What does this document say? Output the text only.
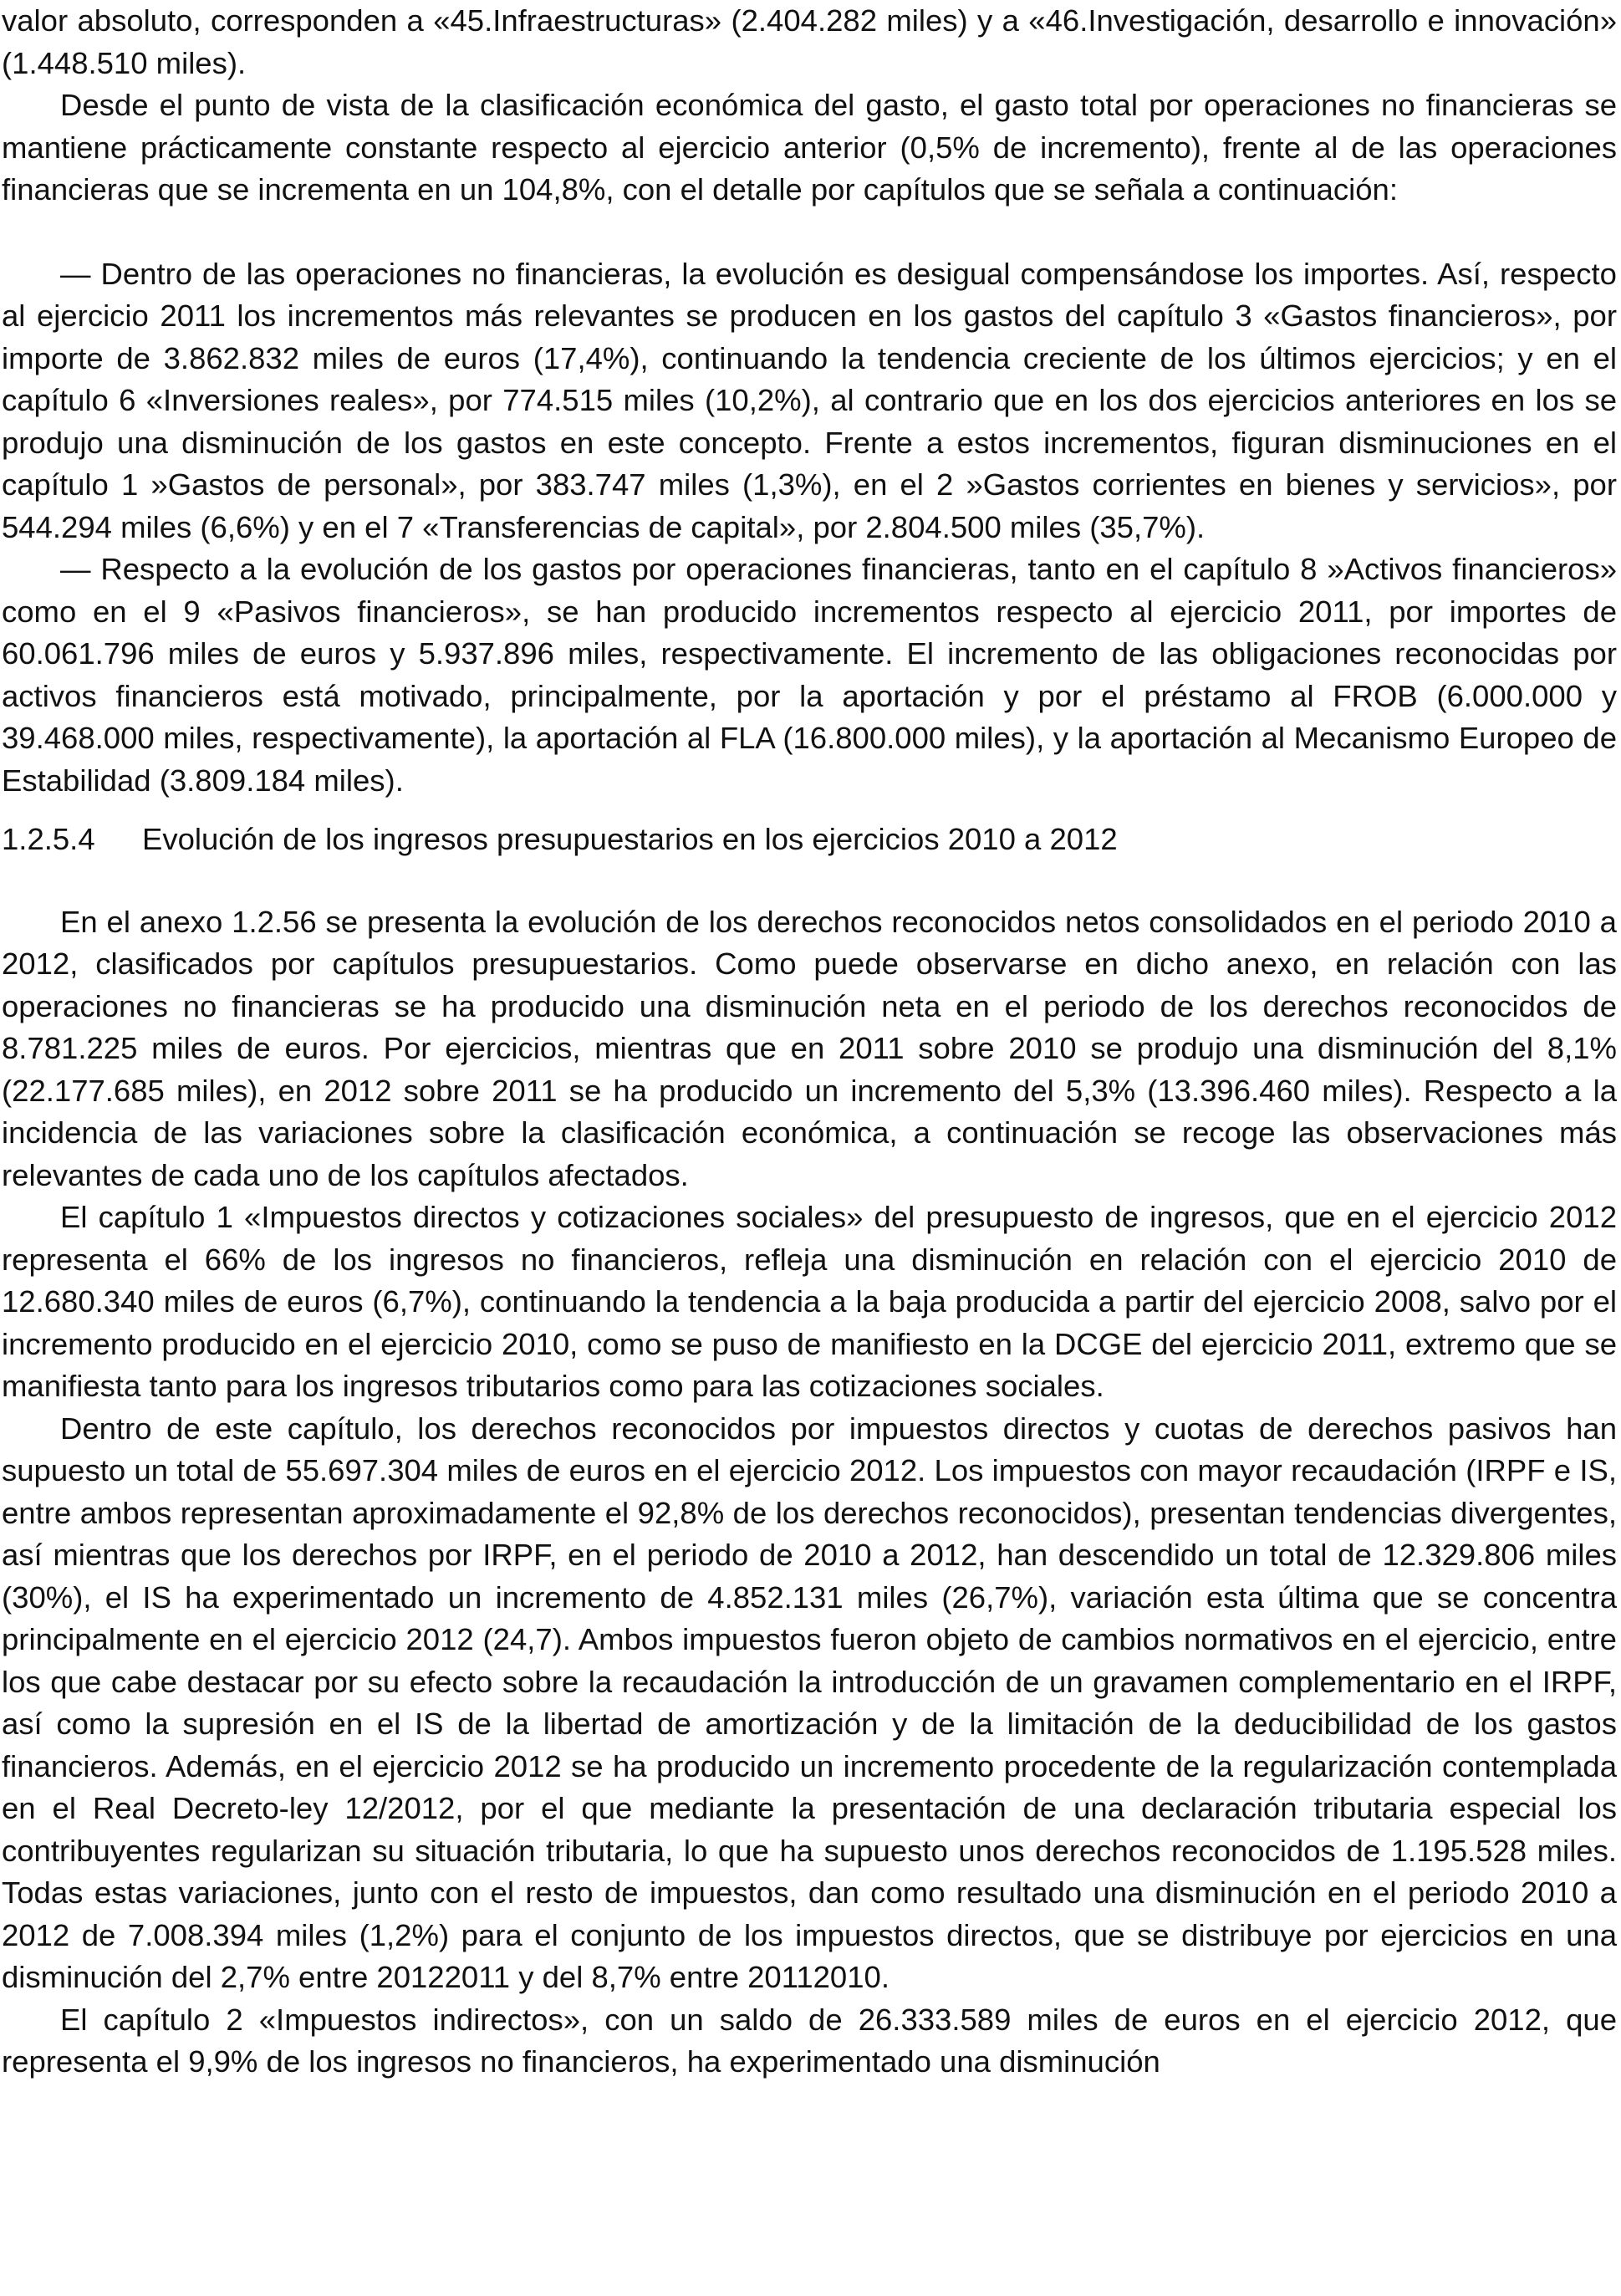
valor absoluto, corresponden a «45.Infraestructuras» (2.404.282 miles) y a «46.Investigación, desarrollo e innovación» (1.448.510 miles).

Desde el punto de vista de la clasificación económica del gasto, el gasto total por operaciones no financieras se mantiene prácticamente constante respecto al ejercicio anterior (0,5% de incremento), frente al de las operaciones financieras que se incrementa en un 104,8%, con el detalle por capítulos que se señala a continuación:

— Dentro de las operaciones no financieras, la evolución es desigual compensándose los importes. Así, respecto al ejercicio 2011 los incrementos más relevantes se producen en los gastos del capítulo 3 «Gastos financieros», por importe de 3.862.832 miles de euros (17,4%), continuando la tendencia creciente de los últimos ejercicios; y en el capítulo 6 «Inversiones reales», por 774.515 miles (10,2%), al contrario que en los dos ejercicios anteriores en los se produjo una disminución de los gastos en este concepto. Frente a estos incrementos, figuran disminuciones en el capítulo 1 »Gastos de personal», por 383.747 miles (1,3%), en el 2 »Gastos corrientes en bienes y servicios», por 544.294 miles (6,6%) y en el 7 «Transferencias de capital», por 2.804.500 miles (35,7%).

— Respecto a la evolución de los gastos por operaciones financieras, tanto en el capítulo 8 »Activos financieros» como en el 9 «Pasivos financieros», se han producido incrementos respecto al ejercicio 2011, por importes de 60.061.796 miles de euros y 5.937.896 miles, respectivamente. El incremento de las obligaciones reconocidas por activos financieros está motivado, principalmente, por la aportación y por el préstamo al FROB (6.000.000 y 39.468.000 miles, respectivamente), la aportación al FLA (16.800.000 miles), y la aportación al Mecanismo Europeo de Estabilidad (3.809.184 miles).

1.2.5.4 Evolución de los ingresos presupuestarios en los ejercicios 2010 a 2012

En el anexo 1.2.56 se presenta la evolución de los derechos reconocidos netos consolidados en el periodo 2010 a 2012, clasificados por capítulos presupuestarios. Como puede observarse en dicho anexo, en relación con las operaciones no financieras se ha producido una disminución neta en el periodo de los derechos reconocidos de 8.781.225 miles de euros. Por ejercicios, mientras que en 2011 sobre 2010 se produjo una disminución del 8,1% (22.177.685 miles), en 2012 sobre 2011 se ha producido un incremento del 5,3% (13.396.460 miles). Respecto a la incidencia de las variaciones sobre la clasificación económica, a continuación se recoge las observaciones más relevantes de cada uno de los capítulos afectados.

El capítulo 1 «Impuestos directos y cotizaciones sociales» del presupuesto de ingresos, que en el ejercicio 2012 representa el 66% de los ingresos no financieros, refleja una disminución en relación con el ejercicio 2010 de 12.680.340 miles de euros (6,7%), continuando la tendencia a la baja producida a partir del ejercicio 2008, salvo por el incremento producido en el ejercicio 2010, como se puso de manifiesto en la DCGE del ejercicio 2011, extremo que se manifiesta tanto para los ingresos tributarios como para las cotizaciones sociales.

Dentro de este capítulo, los derechos reconocidos por impuestos directos y cuotas de derechos pasivos han supuesto un total de 55.697.304 miles de euros en el ejercicio 2012. Los impuestos con mayor recaudación (IRPF e IS, entre ambos representan aproximadamente el 92,8% de los derechos reconocidos), presentan tendencias divergentes, así mientras que los derechos por IRPF, en el periodo de 2010 a 2012, han descendido un total de 12.329.806 miles (30%), el IS ha experimentado un incremento de 4.852.131 miles (26,7%), variación esta última que se concentra principalmente en el ejercicio 2012 (24,7). Ambos impuestos fueron objeto de cambios normativos en el ejercicio, entre los que cabe destacar por su efecto sobre la recaudación la introducción de un gravamen complementario en el IRPF, así como la supresión en el IS de la libertad de amortización y de la limitación de la deducibilidad de los gastos financieros. Además, en el ejercicio 2012 se ha producido un incremento procedente de la regularización contemplada en el Real Decreto-ley 12/2012, por el que mediante la presentación de una declaración tributaria especial los contribuyentes regularizan su situación tributaria, lo que ha supuesto unos derechos reconocidos de 1.195.528 miles. Todas estas variaciones, junto con el resto de impuestos, dan como resultado una disminución en el periodo 2010 a 2012 de 7.008.394 miles (1,2%) para el conjunto de los impuestos directos, que se distribuye por ejercicios en una disminución del 2,7% entre 20122011 y del 8,7% entre 20112010.

El capítulo 2 «Impuestos indirectos», con un saldo de 26.333.589 miles de euros en el ejercicio 2012, que representa el 9,9% de los ingresos no financieros, ha experimentado una disminución
